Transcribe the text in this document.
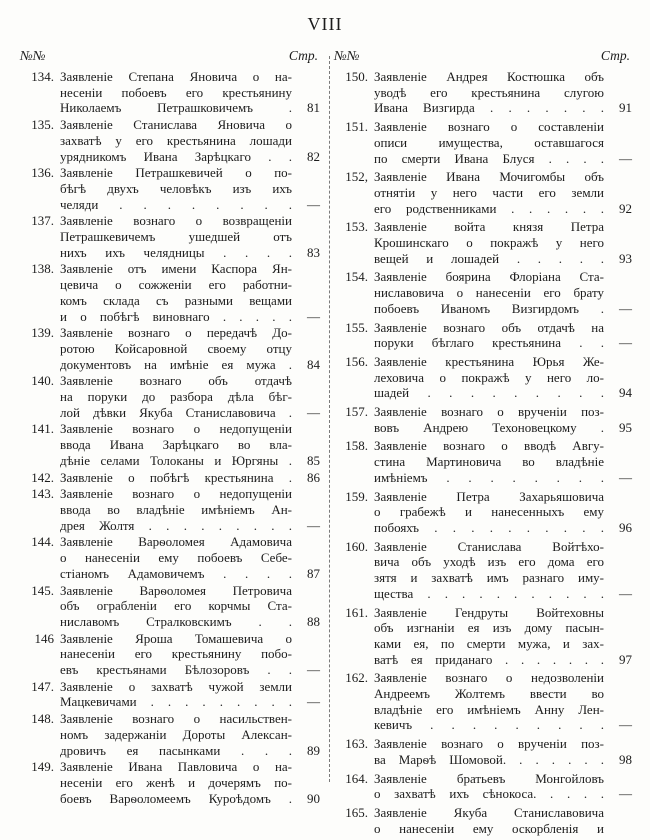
VIII
№№	Стр.
134. Заявленіе Степана Яновича о на-
несеніи побоевъ его крестьянину
Николаемъ Петрашковичемъ .	81
135. Заявленіе Станислава Яновича о
захватѣ у его крестьянина лошади
урядникомъ Ивана Зарѣцкаго . .	82
136. Заявленіе Петрашкевичей о по-
бѣгѣ двухъ человѣкъ изъ ихъ
челяди . . . . . . . .	—
137. Заявленіе вознаго о возвращеніи
Петрашкевичемъ ушедшей отъ
нихъ ихъ челядницы . . . .	83
138. Заявленіе отъ имени Каспора Ян-
цевича о сожженіи его работни-
комъ склада съ разными вещами
и о побѣгѣ виновнаго . . . . .	—
139. Заявленіе вознаго о передачѣ До-
ротою Койсаровной своему отцу
документовъ на имѣніе ея мужа .	84
140. Заявленіе вознаго объ отдачѣ
на поруки до разбора дѣла бѣг-
лой дѣвки Якуба Станиславовича .	—
141. Заявленіе вознаго о недопущеніи
ввода Ивана Зарѣцкаго во вла-
дѣніе селами Толоканы и Юргяны .	85
142. Заявленіе о побѣгѣ крестьянина .	86
143. Заявленіе вознаго о недопущеніи
ввода во владѣніе имѣніемъ Ан-
дрея Жолтя . . . . . . . . .	—
144. Заявленіе Варѳоломея Адамовича
о нанесеніи ему побоевъ Себе-
стіаномъ Адамовичемъ . . . .	87
145. Заявленіе Варѳоломея Петровича
объ ограбленіи его корчмы Ста-
ниславомъ Стралковскимъ . .	88
146 Заявленіе Яроша Томашевича о
нанесеніи его крестьянину побо-
евъ крестьянами Бѣлозоровъ . .	—
147. Заявленіе о захватѣ чужой земли
Мацкевичами . . . . . . . . .	—
148. Заявленіе вознаго о насильствен-
номъ задержаніи Дороты Алексан-
дровичъ ея пасынками . . .	89
149. Заявленіе Ивана Павловича о на-
несеніи его женѣ и дочерямъ по-
боевъ Варѳоломеемъ Куроѣдомъ .	90
№№	Стр.
150. Заявленіе Андрея Костюшка объ
уводѣ его крестьянина слугою
Ивана Визгирда . . . . . . .	91
151. Заявленіе вознаго о составленіи
описи имущества, оставшагося
по смерти Ивана Блуся . . . .	—
152, Заявленіе Ивана Мочигомбы объ
отнятіи у него части его земли
его родственниками . . . . . .	92
153. Заявленіе войта князя Петра
Крошинскаго о покражѣ у него
вещей и лошадей . . . . .	93
154. Заявленіе боярина Флоріана Ста-
ниславовича о нанесеніи его брату
побоевъ Иваномъ Визгирдомъ .	—
155. Заявленіе вознаго объ отдачѣ на
поруки бѣглаго крестьянина . .	—
156. Заявленіе крестьянина Юрья Же-
леховича о покражѣ у него ло-
шадей . . . . . . . . .	94
157. Заявленіе вознаго о врученіи поз-
вовъ Андрею Техоновецкому .	95
158. Заявленіе вознаго о вводѣ Авгу-
стина Мартиновича во владѣніе
имѣніемъ . . . . . . . .	—
159. Заявленіе Петра Захарьяшовича
о грабежѣ и нанесенныхъ ему
побояхъ . . . . . . . . . .	96
160. Заявленіе Станислава Войтѣхо-
вича объ уходѣ изъ его дома его
зятя и захватѣ имъ разнаго иму-
щества . . . . . . . . . . .	—
161. Заявленіе Гендруты Войтеховны
объ изгнаніи ея изъ дому пасын-
ками ея, по смерти мужа, и зах-
ватѣ ея приданаго . . . . . . .	97
162. Заявленіе вознаго о недозволеніи
Андреемъ Жолтемъ ввести во
владѣніе его имѣніемъ Анну Лен-
кевичъ . . . . . . . . .	—
163. Заявленіе вознаго о врученіи поз-
ва Марѳѣ Шомовой. . . . . . .	98
164. Заявленіе братьевъ Монгойловъ
о захватѣ ихъ сѣнокоса. . . . .	—
165. Заявленіе Якуба Станиславовича
о нанесеніи ему оскорбленія и
